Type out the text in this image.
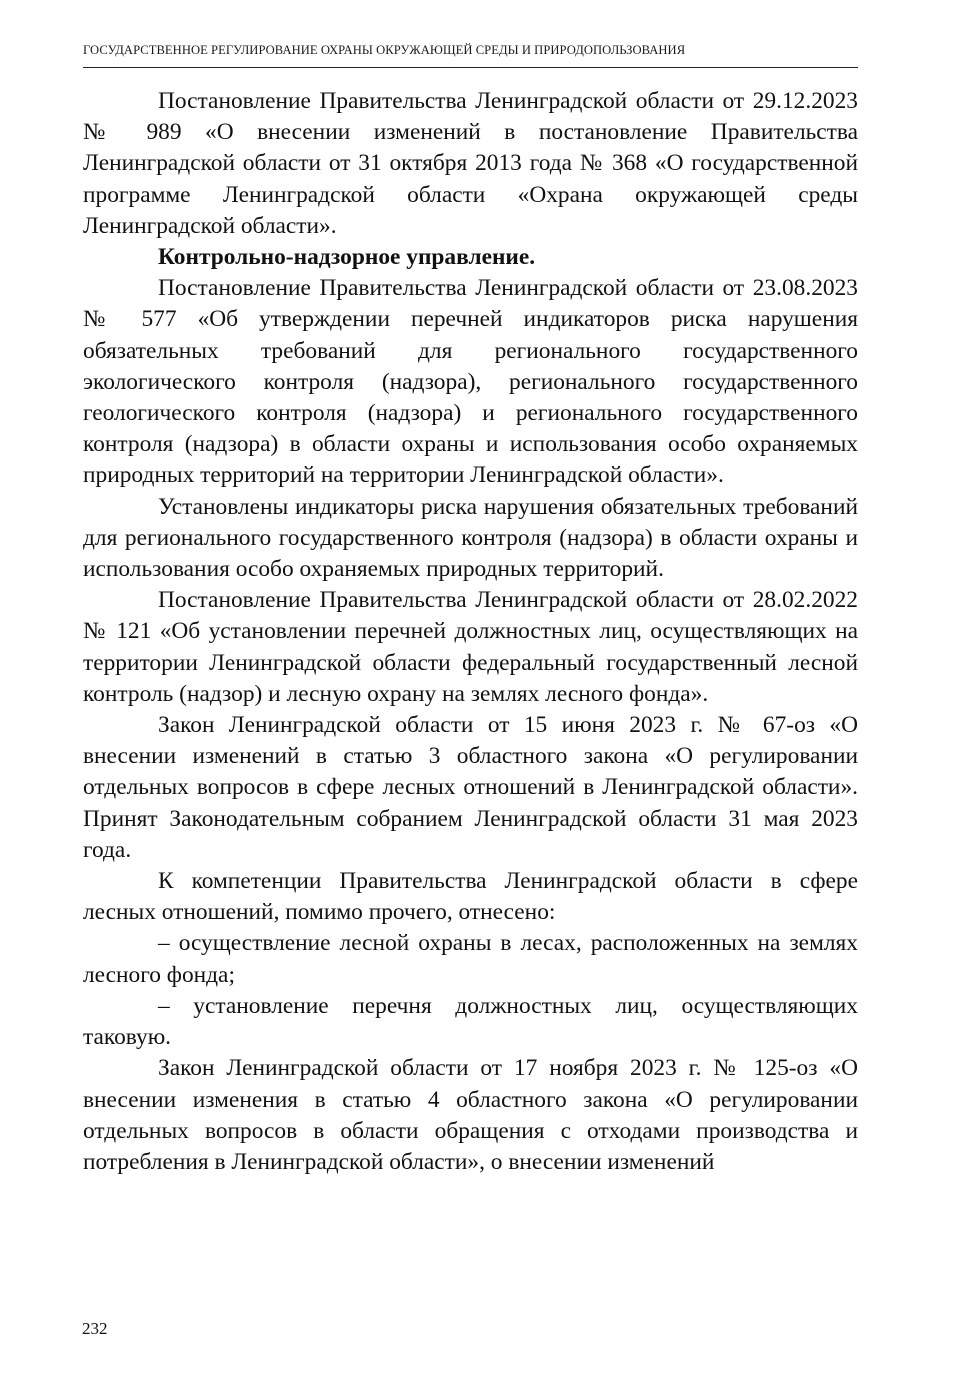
ГОСУДАРСТВЕННОЕ РЕГУЛИРОВАНИЕ ОХРАНЫ ОКРУЖАЮЩЕЙ СРЕДЫ И ПРИРОДОПОЛЬЗОВАНИЯ

Постановление Правительства Ленинградской области от 29.12.2023 № 989 «О внесении изменений в постановление Правительства Ленинградской области от 31 октября 2013 года № 368 «О государственной программе Ленинградской области «Охрана окружающей среды Ленинградской области».

Контрольно-надзорное управление.

Постановление Правительства Ленинградской области от 23.08.2023 № 577 «Об утверждении перечней индикаторов риска нарушения обязательных требований для регионального государственного экологического контроля (надзора), регионального государственного геологического контроля (надзора) и регионального государственного контроля (надзора) в области охраны и использования особо охраняемых природных территорий на территории Ленинградской области».

Установлены индикаторы риска нарушения обязательных требований для регионального государственного контроля (надзора) в области охраны и использования особо охраняемых природных территорий.

Постановление Правительства Ленинградской области от 28.02.2022 № 121 «Об установлении перечней должностных лиц, осуществляющих на территории Ленинградской области федеральный государственный лесной контроль (надзор) и лесную охрану на землях лесного фонда».

Закон Ленинградской области от 15 июня 2023 г. № 67-оз «О внесении изменений в статью 3 областного закона «О регулировании отдельных вопросов в сфере лесных отношений в Ленинградской области». Принят Законодательным собранием Ленинградской области 31 мая 2023 года.

К компетенции Правительства Ленинградской области в сфере лесных отношений, помимо прочего, отнесено:

– осуществление лесной охраны в лесах, расположенных на землях лесного фонда;

– установление перечня должностных лиц, осуществляющих таковую.

Закон Ленинградской области от 17 ноября 2023 г. № 125-оз «О внесении изменения в статью 4 областного закона «О регулировании отдельных вопросов в области обращения с отходами производства и потребления в Ленинградской области», о внесении изменений

232
